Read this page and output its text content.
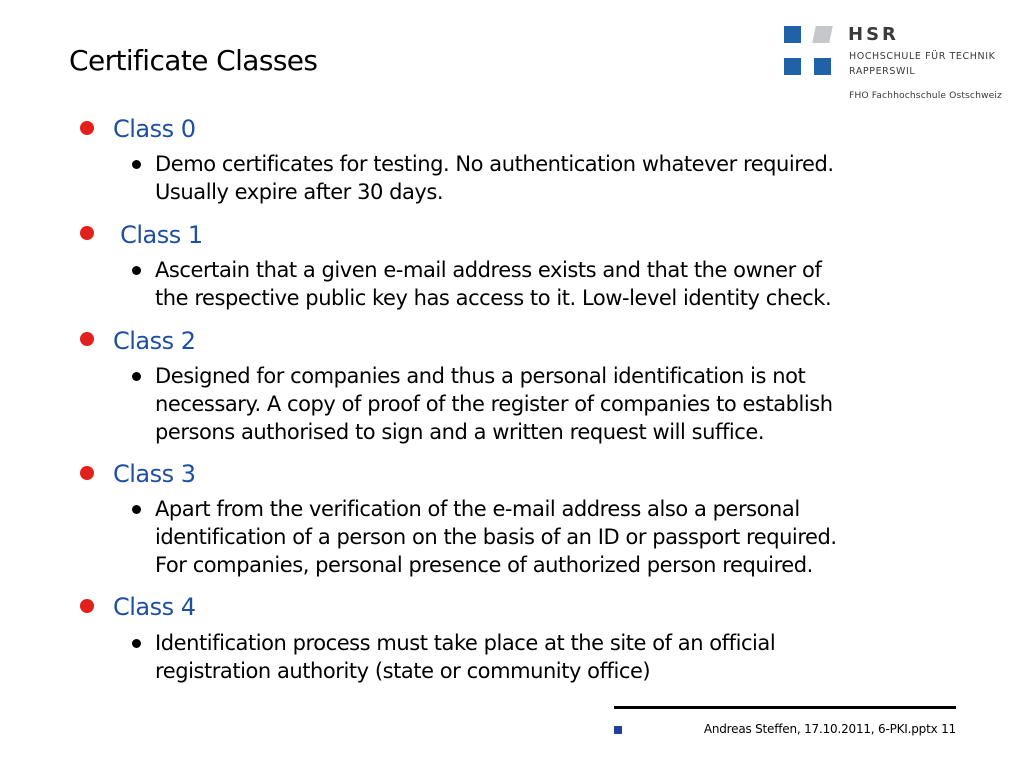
Certificate Classes
HSR
HOCHSCHULE FÜR TECHNIK
RAPPERSWIL
FHO Fachhochschule Ostschweiz
Class 0
Demo certificates for testing. No authentication whatever required.
Usually expire after 30 days.
Class 1
Ascertain that a given e-mail address exists and that the owner of
the respective public key has access to it. Low-level identity check.
Class 2
Designed for companies and thus a personal identification is not
necessary. A copy of proof of the register of companies to establish
persons authorised to sign and a written request will suffice.
Class 3
Apart from the verification of the e-mail address also a personal
identification of a person on the basis of an ID or passport required.
For companies, personal presence of authorized person required.
Class 4
Identification process must take place at the site of an official
registration authority (state or community office)
Andreas Steffen, 17.10.2011, 6-PKI.pptx 11
